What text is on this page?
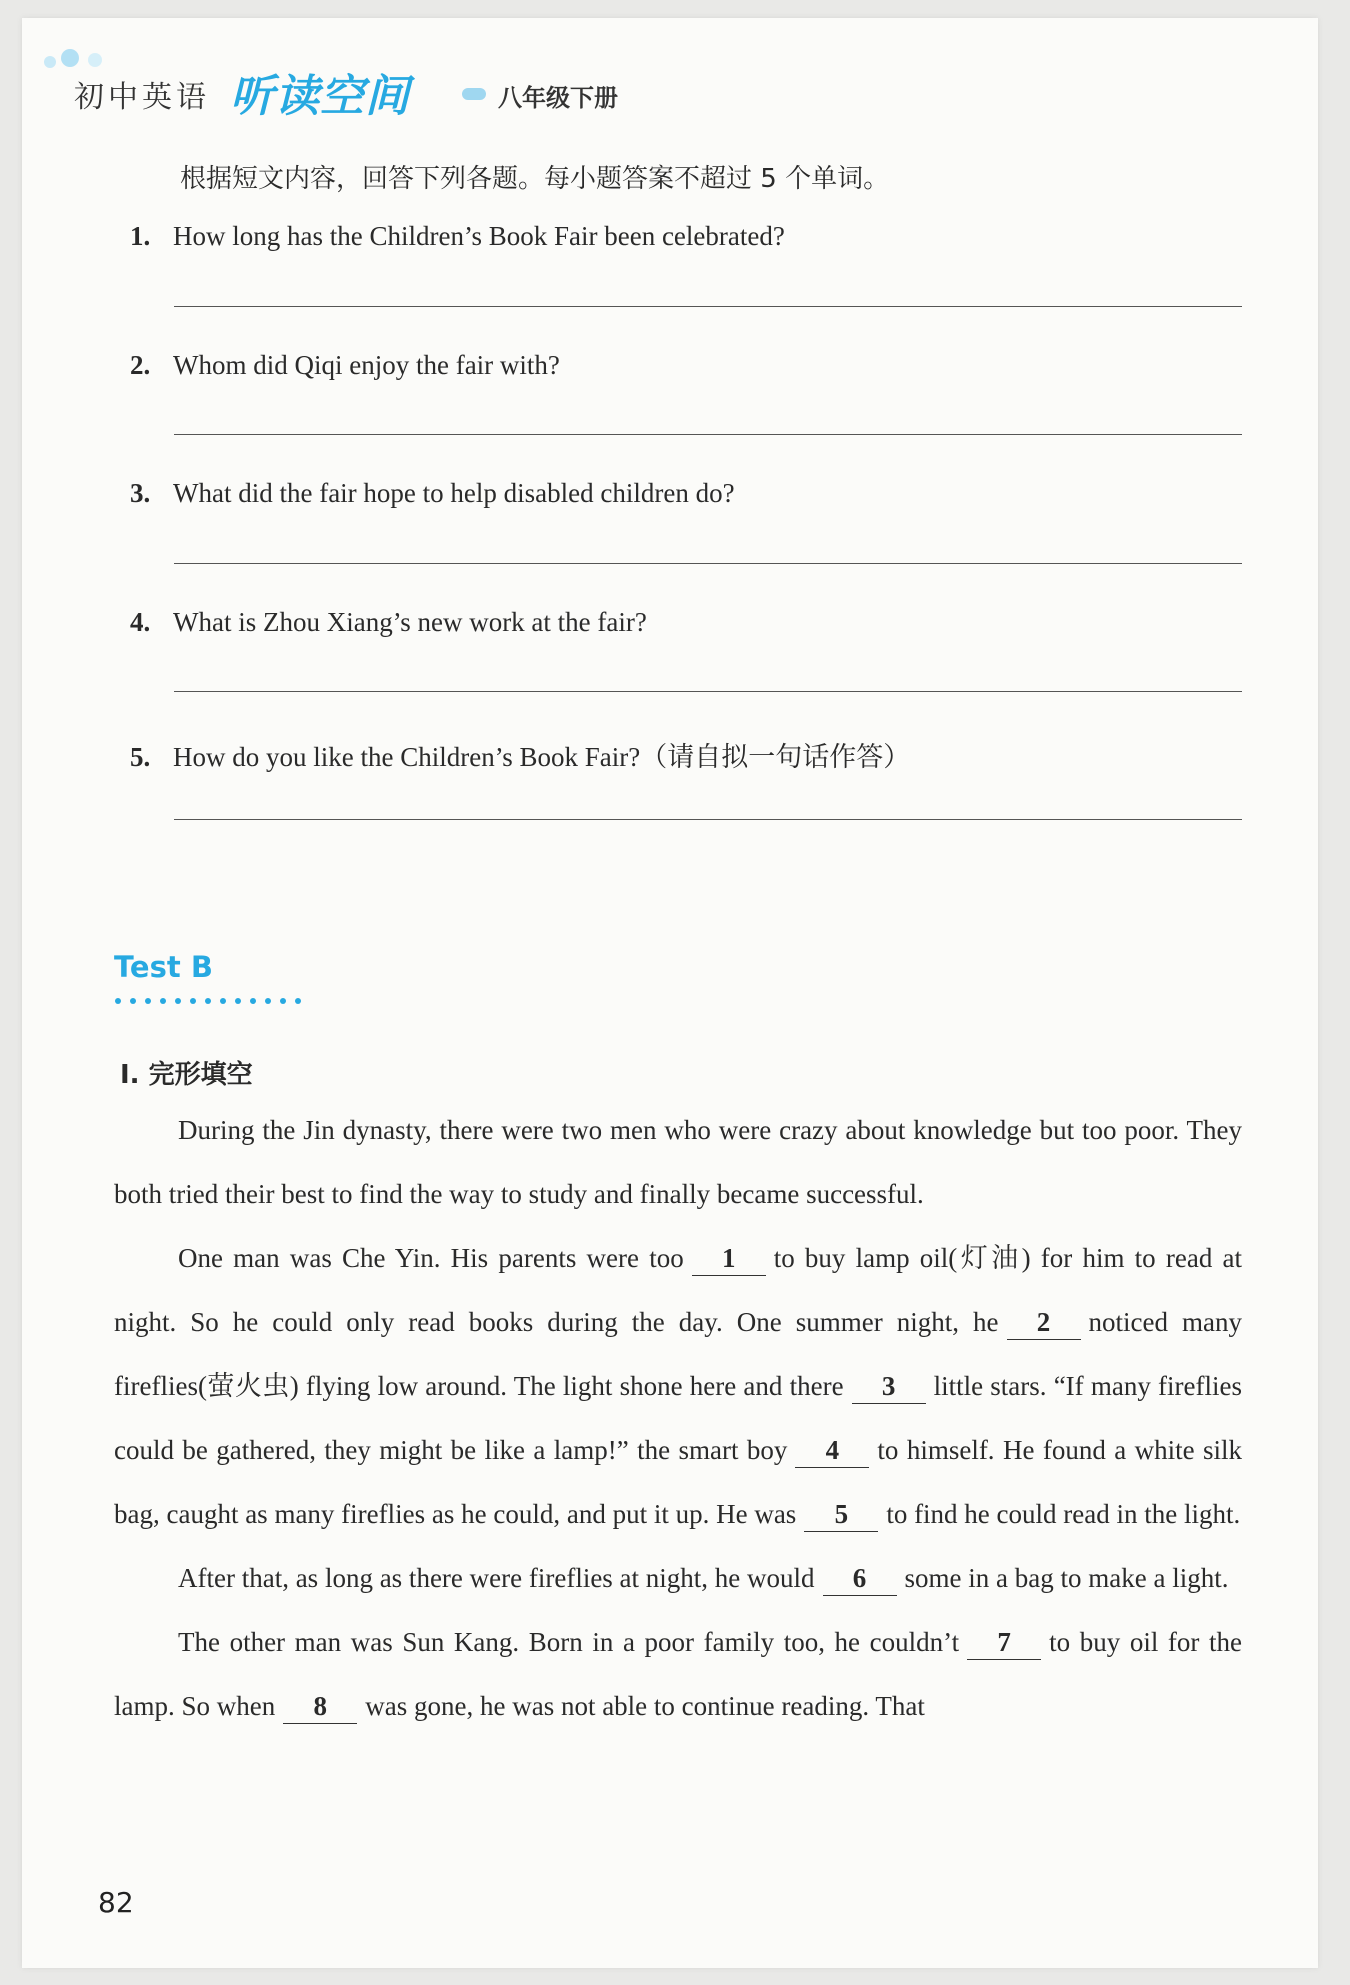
初中英语 听读空间	八年级下册
根据短文内容，回答下列各题。每小题答案不超过 5 个单词。
1. How long has the Children’s Book Fair been celebrated?
2. Whom did Qiqi enjoy the fair with?
3. What did the fair hope to help disabled children do?
4. What is Zhou Xiang’s new work at the fair?
5. How do you like the Children’s Book Fair?（请自拟一句话作答）
Test B
Ⅰ. 完形填空

During the Jin dynasty, there were two men who were crazy about knowledge but too poor. They both tried their best to find the way to study and finally became successful.

One man was Che Yin. His parents were too 1 to buy lamp oil(灯油) for him to read at night. So he could only read books during the day. One summer night, he 2 noticed many fireflies(萤火虫) flying low around. The light shone here and there 3 little stars. “If many fireflies could be gathered, they might be like a lamp!” the smart boy 4 to himself. He found a white silk bag, caught as many fireflies as he could, and put it up. He was 5 to find he could read in the light.

After that, as long as there were fireflies at night, he would 6 some in a bag to make a light.

The other man was Sun Kang. Born in a poor family too, he couldn’t 7 to buy oil for the lamp. So when 8 was gone, he was not able to continue reading. That

82
